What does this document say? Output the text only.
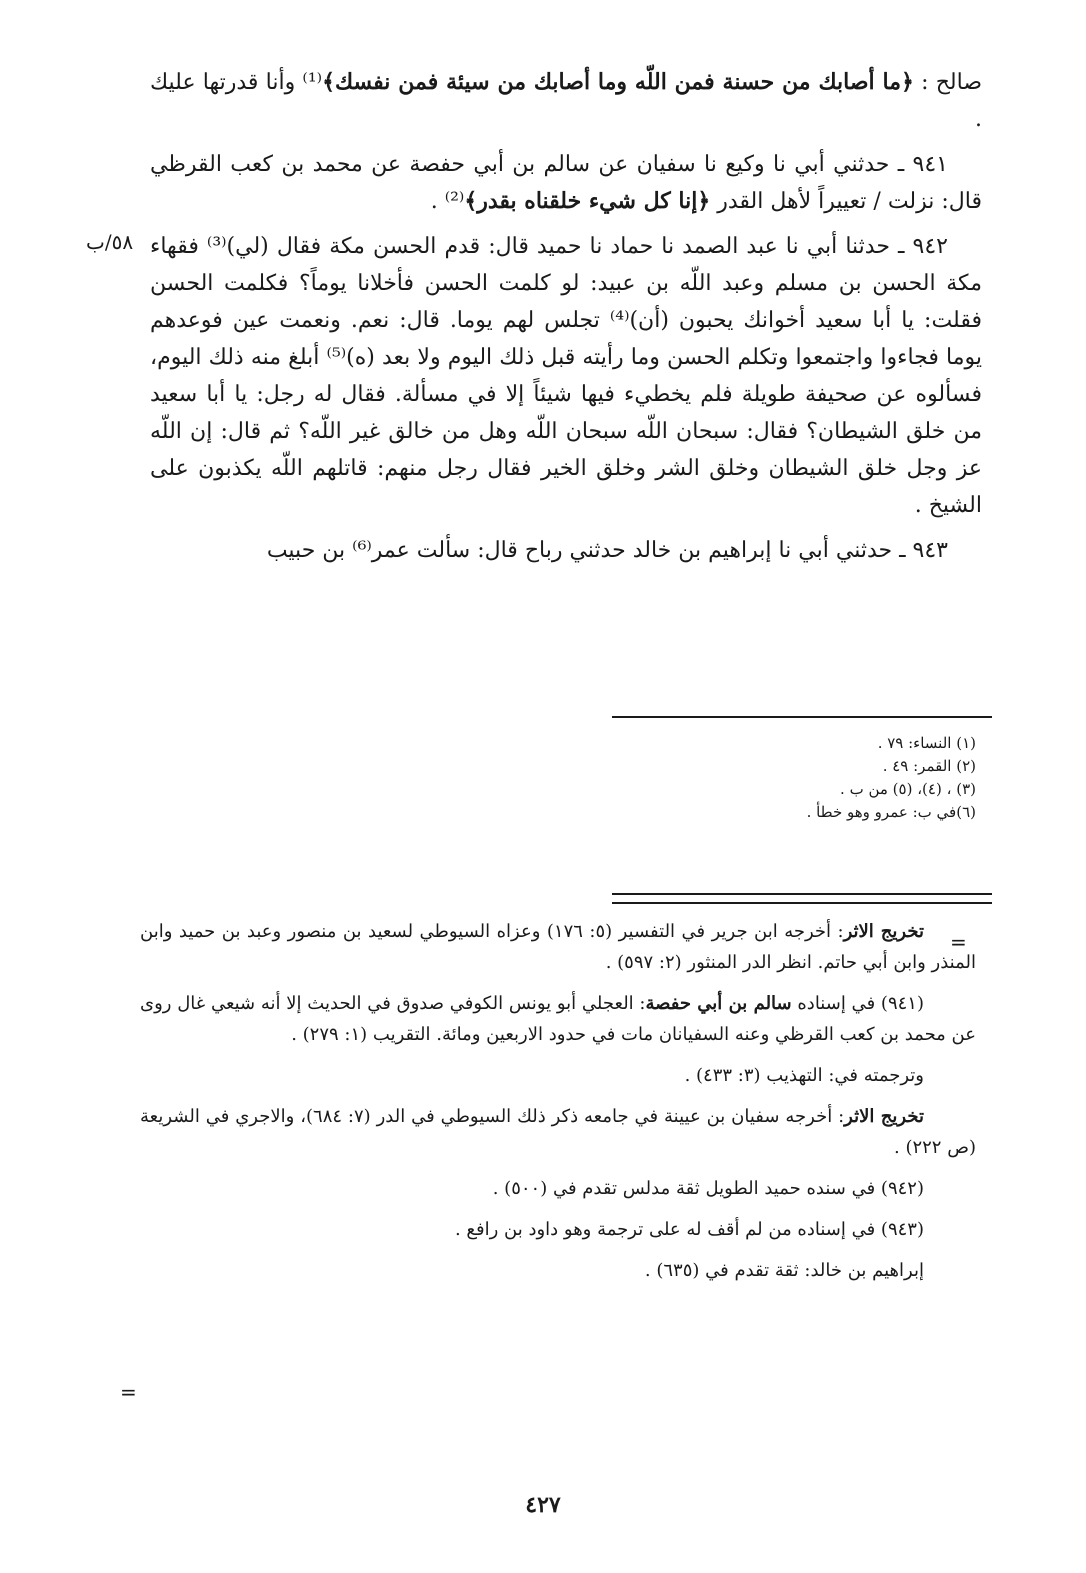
صالح : ﴿ما أصابك من حسنة فمن اللّه وما أصابك من سيئة فمن نفسك﴾⁽¹⁾ وأنا قدرتها عليك .

٩٤١ ـ حدثني أبي نا وكيع نا سفيان عن سالم بن أبي حفصة عن محمد بن كعب القرظي قال: نزلت / تعييراً لأهل القدر ﴿إنا كل شيء خلقناه بقدر﴾⁽²⁾ .

٩٤٢ ـ حدثنا أبي نا عبد الصمد نا حماد نا حميد قال: قدم الحسن مكة فقال (لي)⁽³⁾ فقهاء مكة الحسن بن مسلم وعبد اللّه بن عبيد: لو كلمت الحسن فأخلانا يوماً؟ فكلمت الحسن فقلت: يا أبا سعيد أخوانك يحبون (أن)⁽⁴⁾ تجلس لهم يوما. قال: نعم. ونعمت عين فوعدهم يوما فجاءوا واجتمعوا وتكلم الحسن وما رأيته قبل ذلك اليوم ولا بعد (ه)⁽⁵⁾ أبلغ منه ذلك اليوم، فسألوه عن صحيفة طويلة فلم يخطيء فيها شيئاً إلا في مسألة. فقال له رجل: يا أبا سعيد من خلق الشيطان؟ فقال: سبحان اللّه سبحان اللّه وهل من خالق غير اللّه؟ ثم قال: إن اللّه عز وجل خلق الشيطان وخلق الشر وخلق الخير فقال رجل منهم: قاتلهم اللّه يكذبون على الشيخ .

٩٤٣ ـ حدثني أبي نا إبراهيم بن خالد حدثني رباح قال: سألت عمر⁽⁶⁾ بن حبيب

٥٨/ب
(١) النساء: ٧٩ .
(٢) القمر: ٤٩ .
(٣) ، (٤)، (٥) من ب .
(٦)في ب: عمرو وهو خطأ .
=

تخريج الاثر: أخرجه ابن جرير في التفسير (٥: ١٧٦) وعزاه السيوطي لسعيد بن منصور وعبد بن حميد وابن المنذر وابن أبي حاتم. انظر الدر المنثور (٢: ٥٩٧) .

(٩٤١) في إسناده سالم بن أبي حفصة: العجلي أبو يونس الكوفي صدوق في الحديث إلا أنه شيعي غال روى عن محمد بن كعب القرظي وعنه السفيانان مات في حدود الاربعين ومائة. التقريب (١: ٢٧٩) .

وترجمته في: التهذيب (٣: ٤٣٣) .

تخريج الاثر: أخرجه سفيان بن عيينة في جامعه ذكر ذلك السيوطي في الدر (٧: ٦٨٤)، والاجري في الشريعة (ص ٢٢٢) .

(٩٤٢) في سنده حميد الطويل ثقة مدلس تقدم في (٥٠٠) .

(٩٤٣) في إسناده من لم أقف له على ترجمة وهو داود بن رافع .

إبراهيم بن خالد: ثقة تقدم في (٦٣٥) .

=
٤٢٧
